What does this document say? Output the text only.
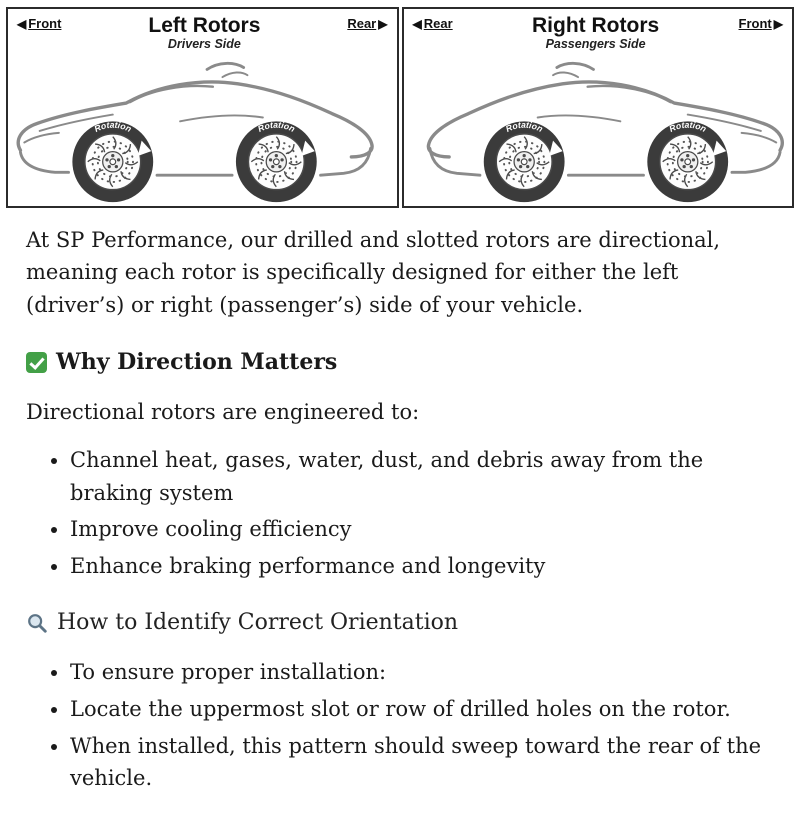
◀ Front	Left Rotors
Drivers Side
Rear ▶ ◀ Rear	Right Rotors
Passengers Side
Front ▶

At SP Performance, our drilled and slotted rotors are directional, meaning each rotor is specifically designed for either the left (driver’s) or right (passenger’s) side of your vehicle.

Why Direction Matters

Directional rotors are engineered to:

• Channel heat, gases, water, dust, and debris away from the braking system
• Improve cooling efficiency
• Enhance braking performance and longevity
How to Identify Correct Orientation
• To ensure proper installation:
• Locate the uppermost slot or row of drilled holes on the rotor.
• When installed, this pattern should sweep toward the rear of the vehicle.
